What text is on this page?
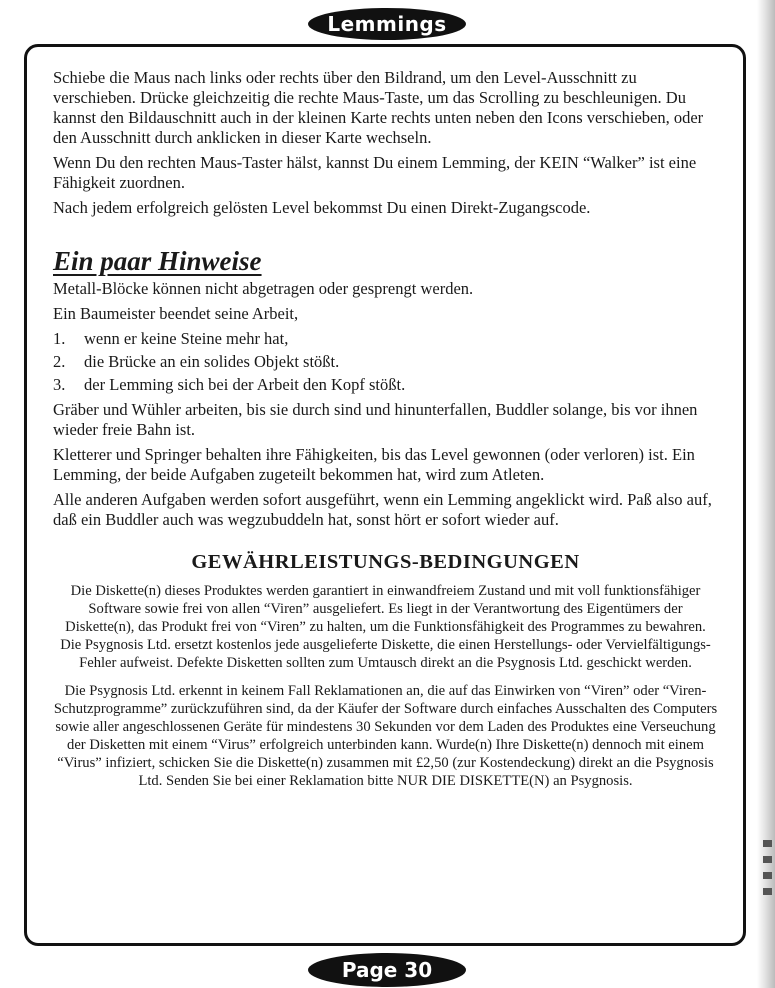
Lemmings

Schiebe die Maus nach links oder rechts über den Bildrand, um den Level-Ausschnitt zu verschieben. Drücke gleichzeitig die rechte Maus-Taste, um das Scrolling zu beschleunigen. Du kannst den Bildauschnitt auch in der kleinen Karte rechts unten neben den Icons verschieben, oder den Ausschnitt durch anklicken in dieser Karte wechseln.

Wenn Du den rechten Maus-Taster hälst, kannst Du einem Lemming, der KEIN “Walker” ist eine Fähigkeit zuordnen.

Nach jedem erfolgreich gelösten Level bekommst Du einen Direkt-Zugangscode.

Ein paar Hinweise

Metall-Blöcke können nicht abgetragen oder gesprengt werden.

Ein Baumeister beendet seine Arbeit,

1.	wenn er keine Steine mehr hat,
2.	die Brücke an ein solides Objekt stößt.
3.	der Lemming sich bei der Arbeit den Kopf stößt.

Gräber und Wühler arbeiten, bis sie durch sind und hinunterfallen, Buddler solange, bis vor ihnen wieder freie Bahn ist.

Kletterer und Springer behalten ihre Fähigkeiten, bis das Level gewonnen (oder verloren) ist. Ein Lemming, der beide Aufgaben zugeteilt bekommen hat, wird zum Atleten.

Alle anderen Aufgaben werden sofort ausgeführt, wenn ein Lemming angeklickt wird. Paß also auf, daß ein Buddler auch was wegzubuddeln hat, sonst hört er sofort wieder auf.

GEWÄHRLEISTUNGS-BEDINGUNGEN

Die Diskette(n) dieses Produktes werden garantiert in einwandfreiem Zustand und mit voll funktionsfähiger Software sowie frei von allen “Viren” ausgeliefert. Es liegt in der Verantwortung des Eigentümers der Diskette(n), das Produkt frei von “Viren” zu halten, um die Funktionsfähigkeit des Programmes zu bewahren. Die Psygnosis Ltd. ersetzt kostenlos jede ausgelieferte Diskette, die einen Herstellungs- oder Vervielfältigungs-Fehler aufweist. Defekte Disketten sollten zum Umtausch direkt an die Psygnosis Ltd. geschickt werden.

Die Psygnosis Ltd. erkennt in keinem Fall Reklamationen an, die auf das Einwirken von “Viren” oder “Viren-Schutzprogramme” zurückzuführen sind, da der Käufer der Software durch einfaches Ausschalten des Computers sowie aller angeschlossenen Geräte für mindestens 30 Sekunden vor dem Laden des Produktes eine Verseuchung der Disketten mit einem “Virus” erfolgreich unterbinden kann. Wurde(n) Ihre Diskette(n) dennoch mit einem “Virus” infiziert, schicken Sie die Diskette(n) zusammen mit £2,50 (zur Kostendeckung) direkt an die Psygnosis Ltd. Senden Sie bei einer Reklamation bitte NUR DIE DISKETTE(N) an Psygnosis.

Page 30
